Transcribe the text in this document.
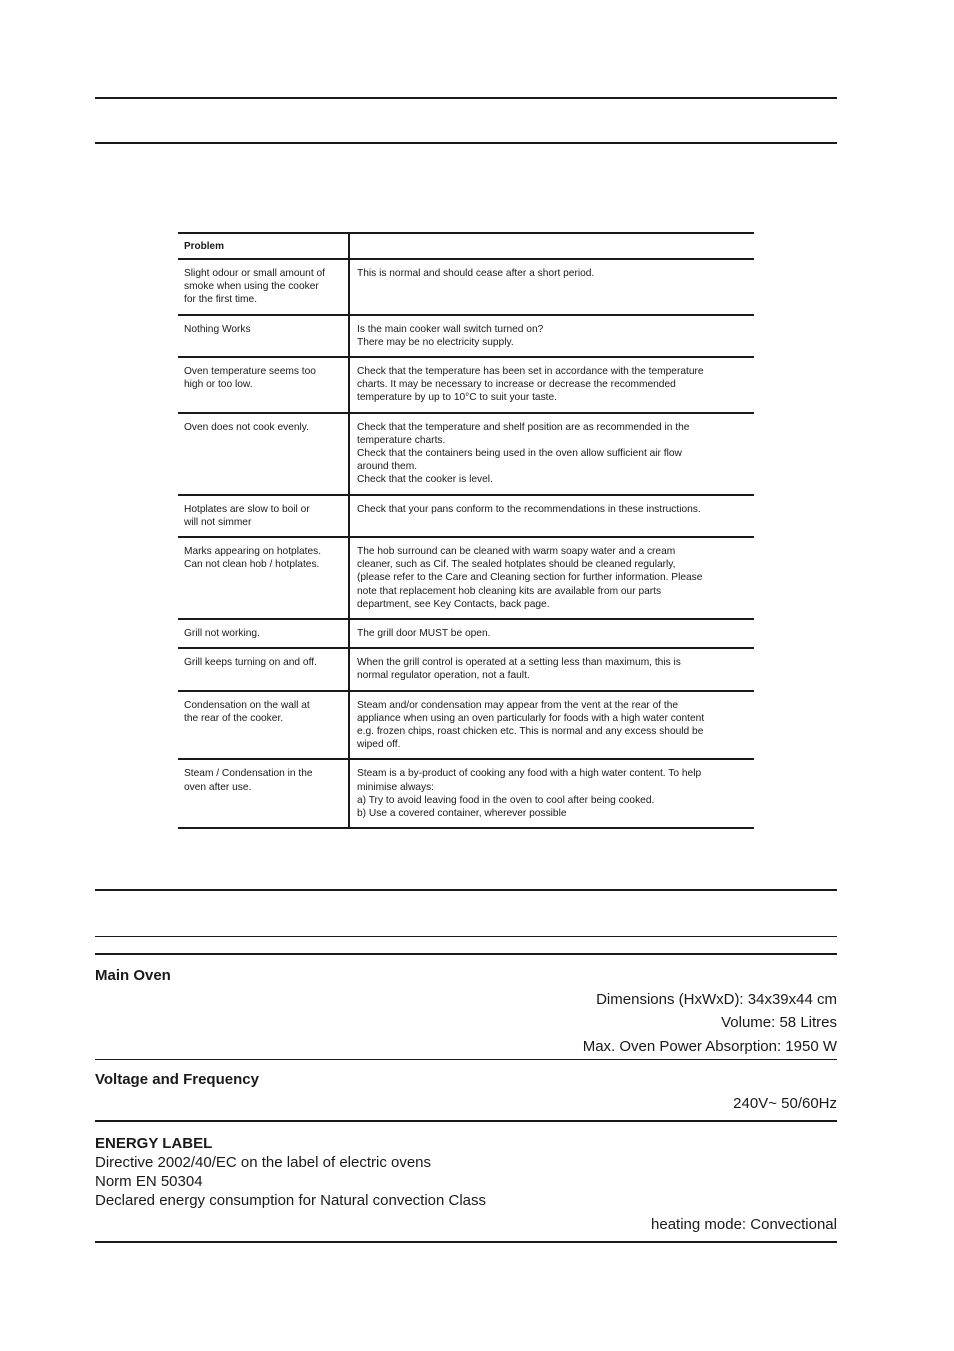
Problem	

Slight odour or small amount of
smoke when using the cooker
for the first time.	This is normal and should cease after a short period.

Nothing Works	Is the main cooker wall switch turned on?
There may be no electricity supply.

Oven temperature seems too
high or too low.	Check that the temperature has been set in accordance with the temperature
charts. It may be necessary to increase or decrease the recommended
temperature by up to 10°C to suit your taste.

Oven does not cook evenly.	Check that the temperature and shelf position are as recommended in the
temperature charts.
Check that the containers being used in the oven allow sufficient air flow
around them.
Check that the cooker is level.

Hotplates are slow to boil or
will not simmer	Check that your pans conform to the recommendations in these instructions.

Marks appearing on hotplates.
Can not clean hob / hotplates.	The hob surround can be cleaned with warm soapy water and a cream
cleaner, such as Cif. The sealed hotplates should be cleaned regularly,
(please refer to the Care and Cleaning section for further information. Please
note that replacement hob cleaning kits are available from our parts
department, see Key Contacts, back page.

Grill not working.	The grill door MUST be open.

Grill keeps turning on and off.	When the grill control is operated at a setting less than maximum, this is
normal regulator operation, not a fault.

Condensation on the wall at
the rear of the cooker.	Steam and/or condensation may appear from the vent at the rear of the
appliance when using an oven particularly for foods with a high water content
e.g. frozen chips, roast chicken etc. This is normal and any excess should be
wiped off.

Steam / Condensation in the
oven after use.	Steam is a by-product of cooking any food with a high water content. To help
minimise always:
a) Try to avoid leaving food in the oven to cool after being cooked.
b) Use a covered container, wherever possible
Main Oven
Dimensions (HxWxD): 34x39x44 cm
Volume: 58 Litres
Max. Oven Power Absorption: 1950 W
Voltage and Frequency
240V~ 50/60Hz
ENERGY LABEL
Directive 2002/40/EC on the label of electric ovens
Norm EN 50304
Declared energy consumption for Natural convection Class
heating mode: Convectional
